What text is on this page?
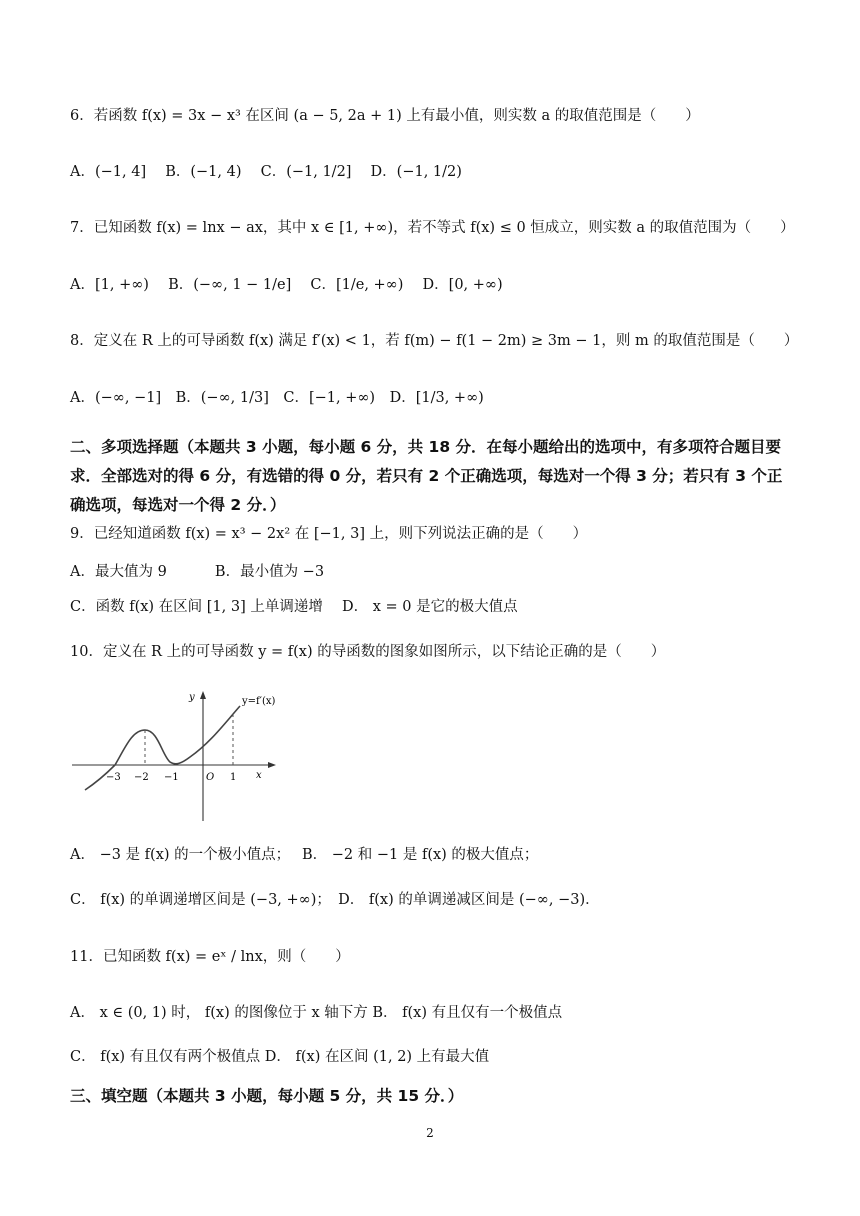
6．若函数 f(x) = 3x − x³ 在区间 (a − 5, 2a + 1) 上有最小值，则实数 a 的取值范围是（　　）
A．(−1, 4]　 B．(−1, 4)　 C．(−1, 1/2]　 D．(−1, 1/2)
7．已知函数 f(x) = lnx − ax，其中 x ∈ [1, +∞)，若不等式 f(x) ≤ 0 恒成立，则实数 a 的取值范围为（　　）
A．[1, +∞)　 B．(−∞, 1 − 1/e]　 C．[1/e, +∞)　 D．[0, +∞)
8．定义在 R 上的可导函数 f(x) 满足 f′(x) < 1，若 f(m) − f(1 − 2m) ≥ 3m − 1，则 m 的取值范围是（　　）
A．(−∞, −1]　B．(−∞, 1/3]　C．[−1, +∞)　D．[1/3, +∞)
二、多项选择题（本题共 3 小题，每小题 6 分，共 18 分．在每小题给出的选项中，有多项符合题目要求．全部选对的得 6 分，有选错的得 0 分，若只有 2 个正确选项，每选对一个得 3 分；若只有 3 个正确选项，每选对一个得 2 分．）
9．已经知道函数 f(x) = x³ − 2x² 在 [−1, 3] 上，则下列说法正确的是（　　）
A．最大值为 9　　　 B．最小值为 −3
C．函数 f(x) 在区间 [1, 3] 上单调递增　 D． x = 0 是它的极大值点
10．定义在 R 上的可导函数 y = f(x) 的导函数的图象如图所示，以下结论正确的是（　　）
−3 −2 −1	1
O	x
y	y=f′(x)
A． −3 是 f(x) 的一个极小值点；　 B． −2 和 −1 是 f(x) 的极大值点；
C． f(x) 的单调递增区间是 (−3, +∞)；　D． f(x) 的单调递减区间是 (−∞, −3)．
11．已知函数 f(x) = eˣ / lnx，则（　　）
A． x ∈ (0, 1) 时， f(x) 的图像位于 x 轴下方 B． f(x) 有且仅有一个极值点
C． f(x) 有且仅有两个极值点 D． f(x) 在区间 (1, 2) 上有最大值
三、填空题（本题共 3 小题，每小题 5 分，共 15 分．）
2
